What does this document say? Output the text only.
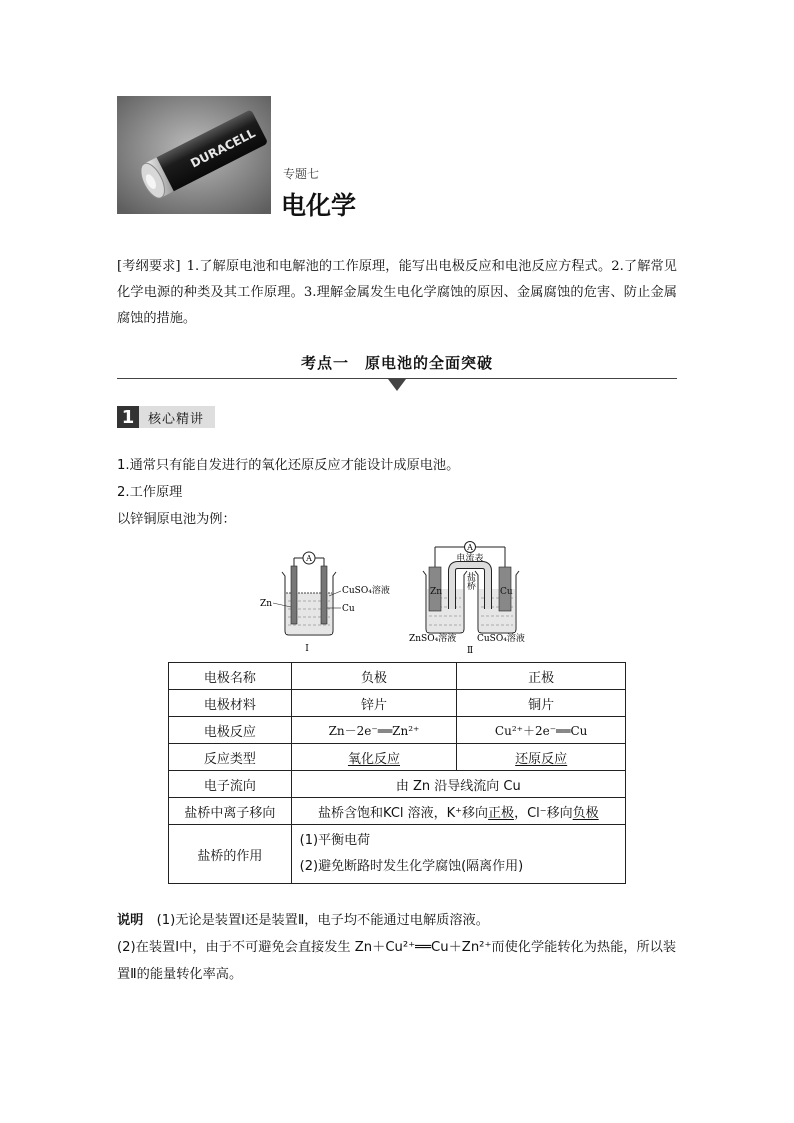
DURACELL
专题七
电化学
[考纲要求] 1.了解原电池和电解池的工作原理，能写出电极反应和电池反应方程式。2.了解常见化学电源的种类及其工作原理。3.理解金属发生电化学腐蚀的原因、金属腐蚀的危害、防止金属腐蚀的措施。
考点一　原电池的全面突破
1	核心精讲
1.通常只有能自发进行的氧化还原反应才能设计成原电池。
2.工作原理
以锌铜原电池为例：
A
Zn	Cu
CuSO₄溶液
Ⅰ
A
电流表
Zn	Cu
盐桥
ZnSO₄溶液 CuSO₄溶液
Ⅱ
电极名称	负极	正极
电极材料	锌片	铜片
电极反应	Zn－2e⁻══Zn²⁺	Cu²⁺＋2e⁻══Cu
反应类型	氧化反应	还原反应
电子流向	由 Zn 沿导线流向 Cu	
盐桥中离子移向	盐桥含饱和KCl 溶液，K⁺移向正极，Cl⁻移向负极	
盐桥的作用	(1)平衡电荷
(2)避免断路时发生化学腐蚀(隔离作用)	
说明　 (1)无论是装置Ⅰ还是装置Ⅱ，电子均不能通过电解质溶液。
(2)在装置Ⅰ中，由于不可避免会直接发生 Zn＋Cu²⁺══Cu＋Zn²⁺而使化学能转化为热能，所以装置Ⅱ的能量转化率高。
